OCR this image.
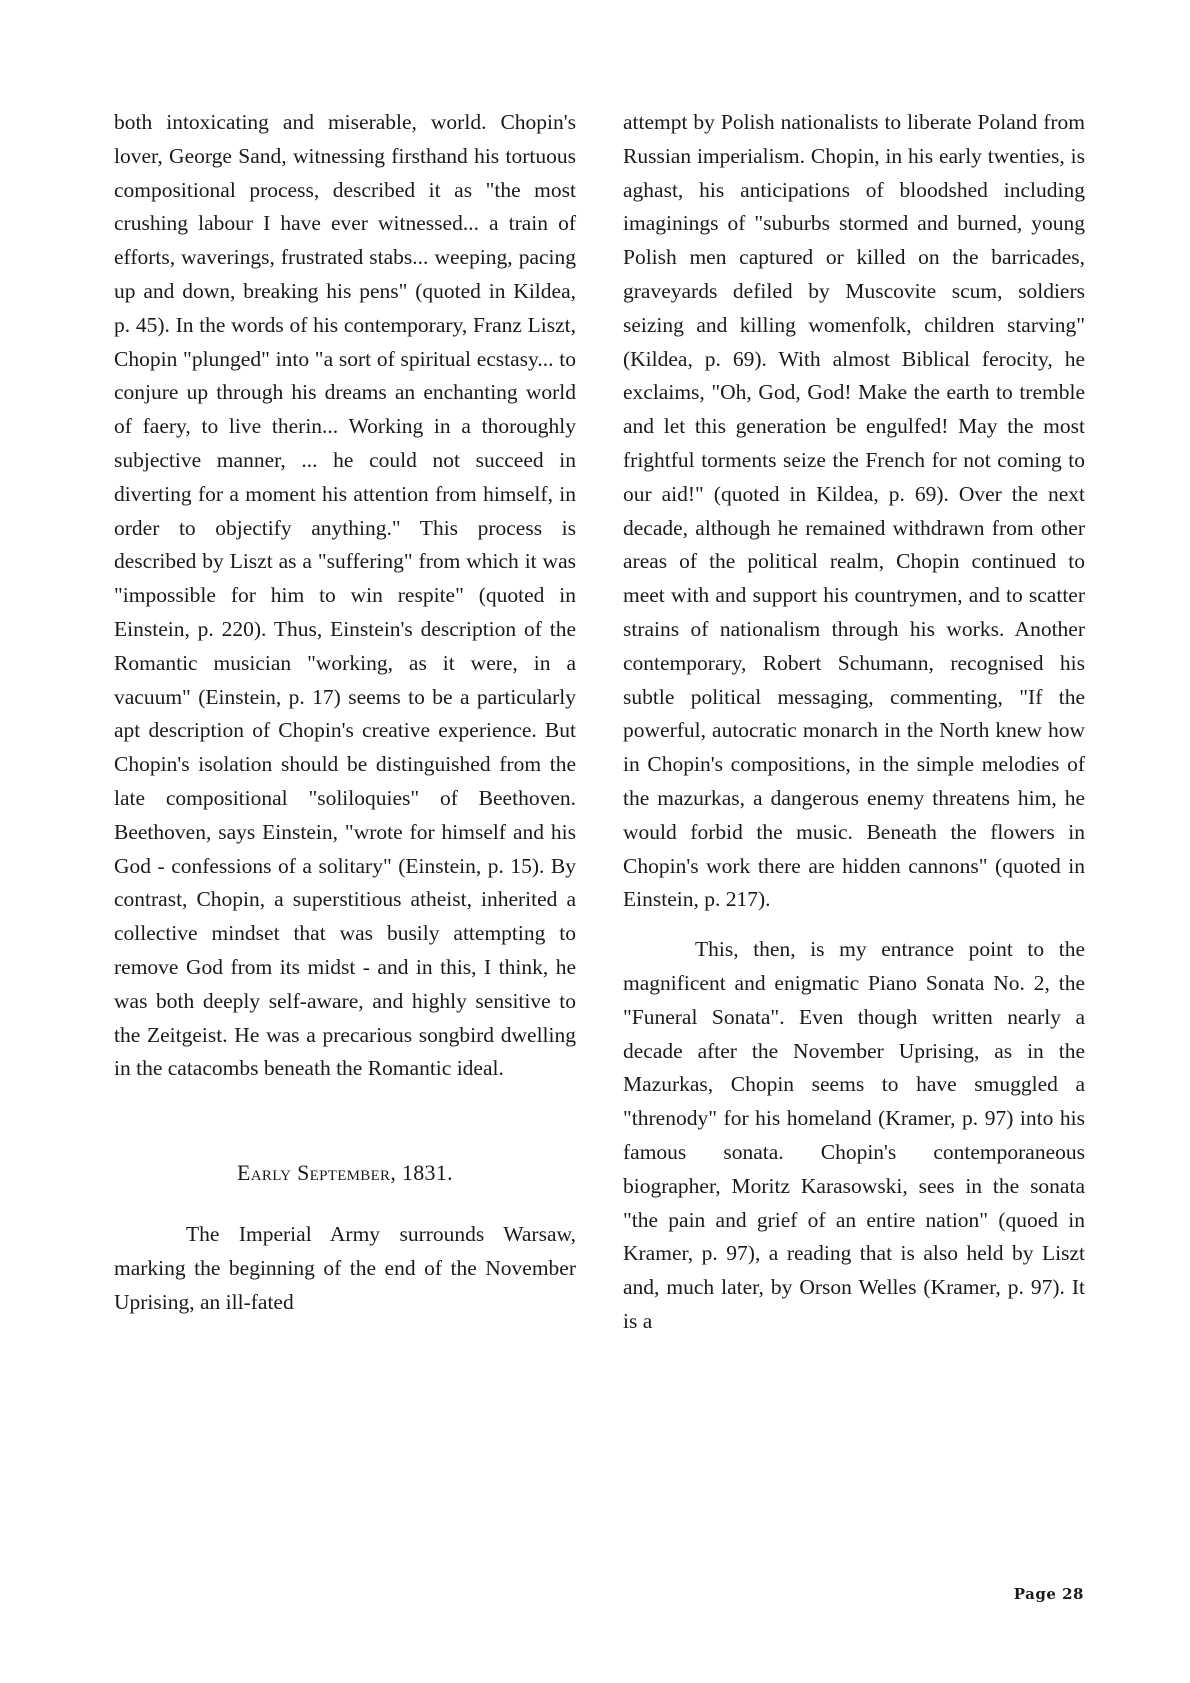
both intoxicating and miserable, world. Chopin's lover, George Sand, witnessing firsthand his tortuous compositional process, described it as "the most crushing labour I have ever witnessed... a train of efforts, waverings, frustrated stabs... weeping, pacing up and down, breaking his pens" (quoted in Kildea, p. 45). In the words of his contemporary, Franz Liszt, Chopin "plunged" into "a sort of spiritual ecstasy... to conjure up through his dreams an enchanting world of faery, to live therin... Working in a thoroughly subjective manner, ... he could not succeed in diverting for a moment his attention from himself, in order to objectify anything." This process is described by Liszt as a "suffering" from which it was "impossible for him to win respite" (quoted in Einstein, p. 220). Thus, Einstein's description of the Romantic musician "working, as it were, in a vacuum" (Einstein, p. 17) seems to be a particularly apt description of Chopin's creative experience. But Chopin's isolation should be distinguished from the late compositional "soliloquies" of Beethoven. Beethoven, says Einstein, "wrote for himself and his God - confessions of a solitary" (Einstein, p. 15). By contrast, Chopin, a superstitious atheist, inherited a collective mindset that was busily attempting to remove God from its midst - and in this, I think, he was both deeply self-aware, and highly sensitive to the Zeitgeist. He was a precarious songbird dwelling in the catacombs beneath the Romantic ideal.

Early September, 1831.

The Imperial Army surrounds Warsaw, marking the beginning of the end of the November Uprising, an ill-fated

attempt by Polish nationalists to liberate Poland from Russian imperialism. Chopin, in his early twenties, is aghast, his anticipations of bloodshed including imaginings of "suburbs stormed and burned, young Polish men captured or killed on the barricades, graveyards defiled by Muscovite scum, soldiers seizing and killing womenfolk, children starving" (Kildea, p. 69). With almost Biblical ferocity, he exclaims, "Oh, God, God! Make the earth to tremble and let this generation be engulfed! May the most frightful torments seize the French for not coming to our aid!" (quoted in Kildea, p. 69). Over the next decade, although he remained withdrawn from other areas of the political realm, Chopin continued to meet with and support his countrymen, and to scatter strains of nationalism through his works. Another contemporary, Robert Schumann, recognised his subtle political messaging, commenting, "If the powerful, autocratic monarch in the North knew how in Chopin's compositions, in the simple melodies of the mazurkas, a dangerous enemy threatens him, he would forbid the music. Beneath the flowers in Chopin's work there are hidden cannons" (quoted in Einstein, p. 217).

This, then, is my entrance point to the magnificent and enigmatic Piano Sonata No. 2, the "Funeral Sonata". Even though written nearly a decade after the November Uprising, as in the Mazurkas, Chopin seems to have smuggled a "threnody" for his homeland (Kramer, p. 97) into his famous sonata. Chopin's contemporaneous biographer, Moritz Karasowski, sees in the sonata "the pain and grief of an entire nation" (quoed in Kramer, p. 97), a reading that is also held by Liszt and, much later, by Orson Welles (Kramer, p. 97). It is a

Page 28
